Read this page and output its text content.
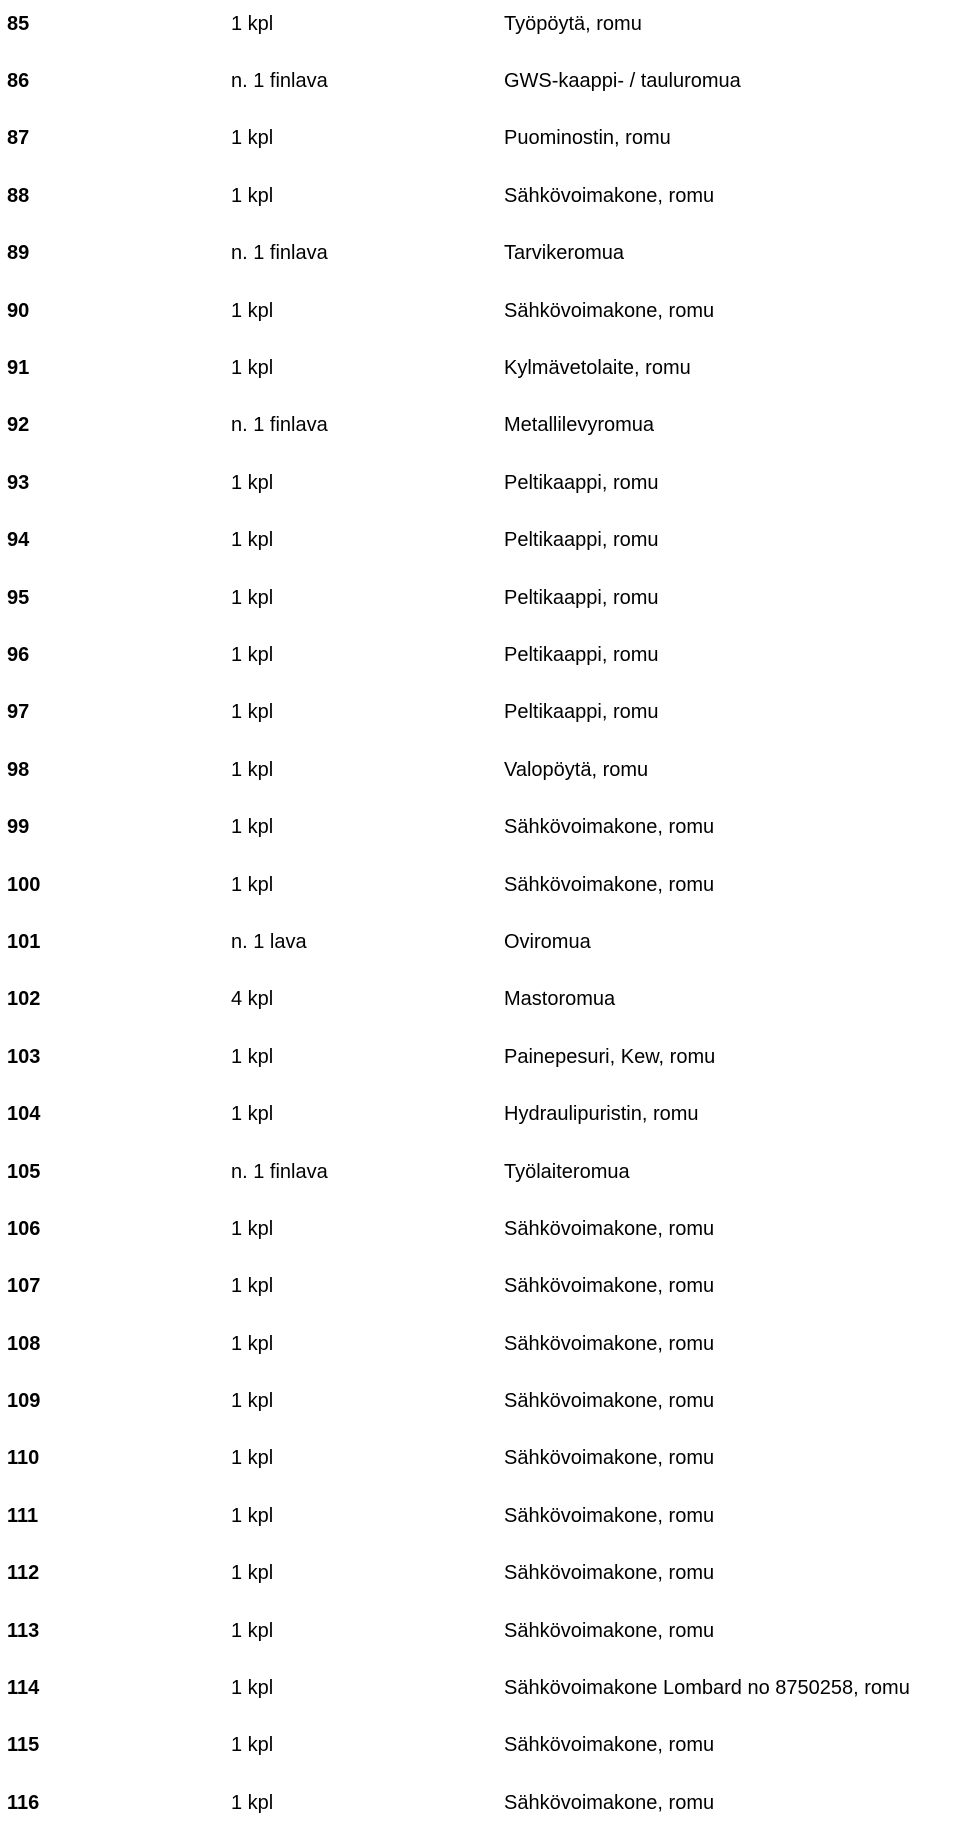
85	1 kpl	Työpöytä, romu
86	n. 1 finlava	GWS-kaappi- / tauluromua
87	1 kpl	Puominostin, romu
88	1 kpl	Sähkövoimakone, romu
89	n. 1 finlava	Tarvikeromua
90	1 kpl	Sähkövoimakone, romu
91	1 kpl	Kylmävetolaite, romu
92	n. 1 finlava	Metallilevyromua
93	1 kpl	Peltikaappi, romu
94	1 kpl	Peltikaappi, romu
95	1 kpl	Peltikaappi, romu
96	1 kpl	Peltikaappi, romu
97	1 kpl	Peltikaappi, romu
98	1 kpl	Valopöytä, romu
99	1 kpl	Sähkövoimakone, romu
100	1 kpl	Sähkövoimakone, romu
101	n. 1 lava	Oviromua
102	4 kpl	Mastoromua
103	1 kpl	Painepesuri, Kew, romu
104	1 kpl	Hydraulipuristin, romu
105	n. 1 finlava	Työlaiteromua
106	1 kpl	Sähkövoimakone, romu
107	1 kpl	Sähkövoimakone, romu
108	1 kpl	Sähkövoimakone, romu
109	1 kpl	Sähkövoimakone, romu
110	1 kpl	Sähkövoimakone, romu
111	1 kpl	Sähkövoimakone, romu
112	1 kpl	Sähkövoimakone, romu
113	1 kpl	Sähkövoimakone, romu
114	1 kpl	Sähkövoimakone Lombard no 8750258, romu
115	1 kpl	Sähkövoimakone, romu
116	1 kpl	Sähkövoimakone, romu
